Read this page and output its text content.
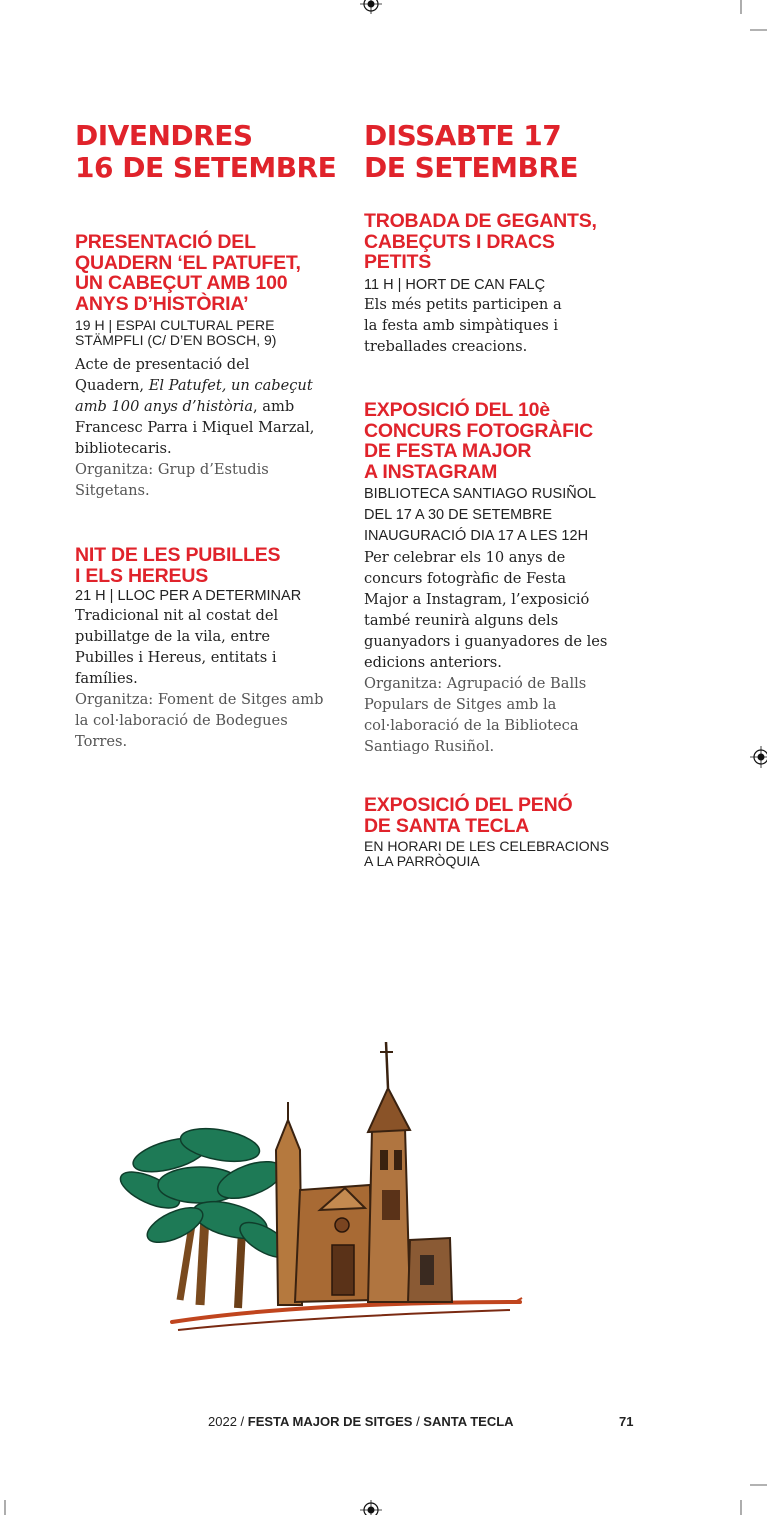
DIVENDRES
16 DE SETEMBRE
PRESENTACIÓ DEL
QUADERN ‘EL PATUFET,
UN CABEÇUT AMB 100
ANYS D’HISTÒRIA’
19 H | ESPAI CULTURAL PERE
STÄMPFLI (C/ D’EN BOSCH, 9)
Acte de presentació del
Quadern, El Patufet, un cabeçut
amb 100 anys d’història, amb
Francesc Parra i Miquel Marzal,
bibliotecaris.
Organitza: Grup d’Estudis
Sitgetans.
NIT DE LES PUBILLES
I ELS HEREUS
21 H | LLOC PER A DETERMINAR
Tradicional nit al costat del
pubillatge de la vila, entre
Pubilles i Hereus, entitats i
famílies.
Organitza: Foment de Sitges amb
la col·laboració de Bodegues
Torres.
DISSABTE 17
DE SETEMBRE
TROBADA DE GEGANTS,
CABEÇUTS I DRACS
PETITS
11 H | HORT DE CAN FALÇ
Els més petits participen a
la festa amb simpàtiques i
treballades creacions.
EXPOSICIÓ DEL 10è
CONCURS FOTOGRÀFIC
DE FESTA MAJOR
A INSTAGRAM
BIBLIOTECA SANTIAGO RUSIÑOL
DEL 17 A 30 DE SETEMBRE
INAUGURACIÓ DIA 17 A LES 12H
Per celebrar els 10 anys de
concurs fotogràfic de Festa
Major a Instagram, l’exposició
també reunirà alguns dels
guanyadors i guanyadores de les
edicions anteriors.
Organitza: Agrupació de Balls
Populars de Sitges amb la
col·laboració de la Biblioteca
Santiago Rusiñol.
EXPOSICIÓ DEL PENÓ
DE SANTA TECLA
EN HORARI DE LES CELEBRACIONS
A LA PARRÒQUIA
2022 / FESTA MAJOR DE SITGES / SANTA TECLA	71
